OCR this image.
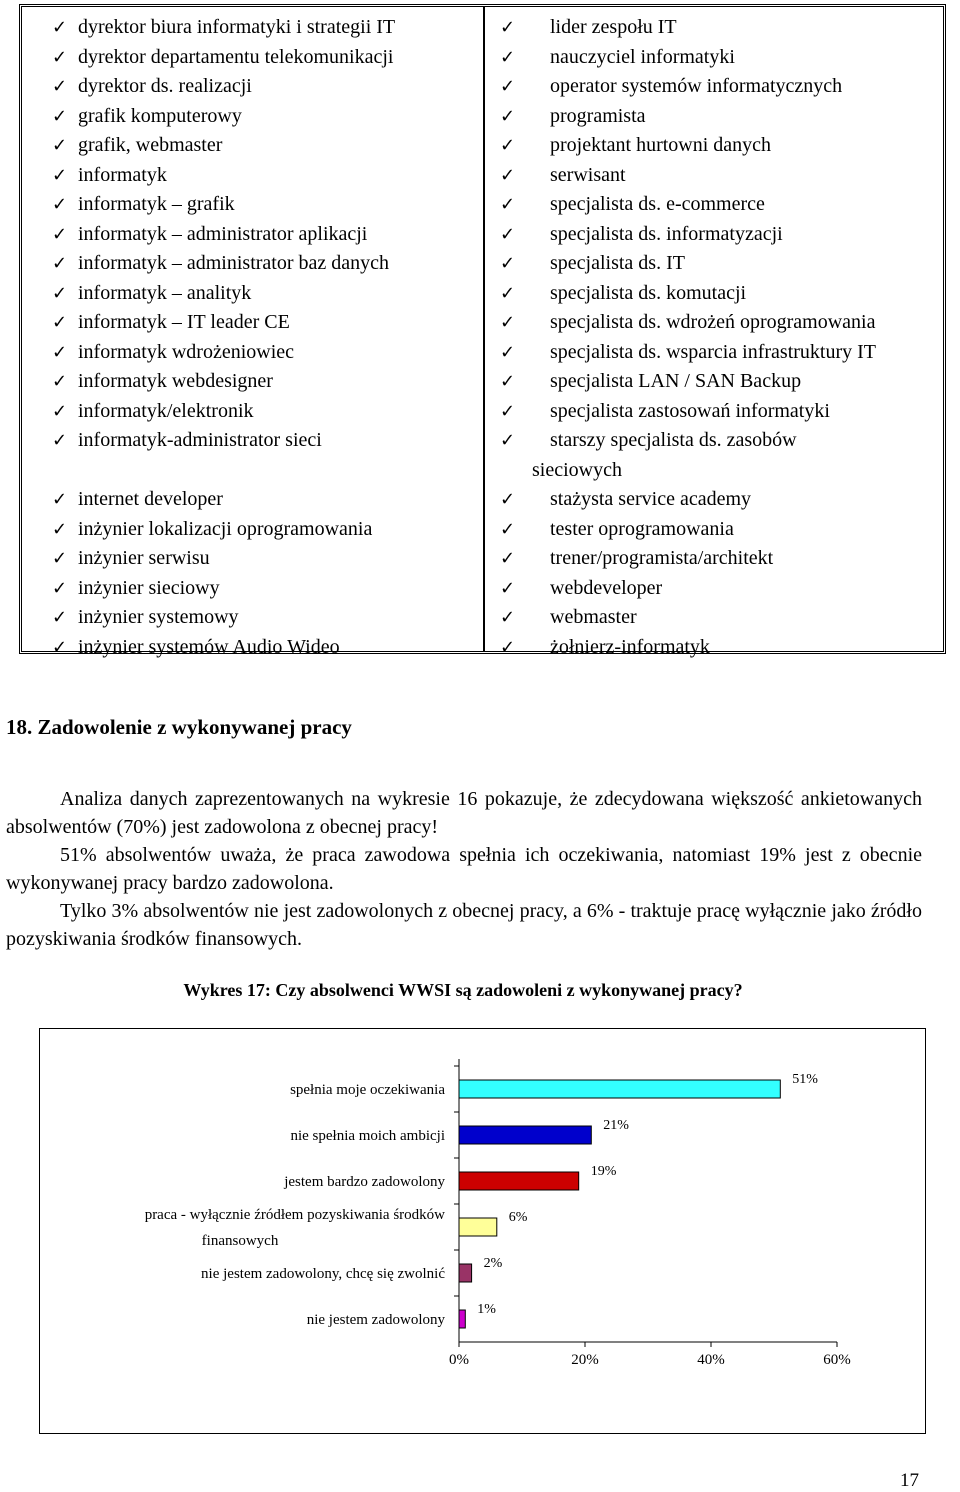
✓ dyrektor biura informatyki i strategii IT
✓ dyrektor departamentu telekomunikacji
✓ dyrektor ds. realizacji
✓ grafik komputerowy
✓ grafik, webmaster
✓ informatyk
✓ informatyk – grafik
✓ informatyk – administrator aplikacji
✓ informatyk – administrator baz danych
✓ informatyk – analityk
✓ informatyk – IT leader CE
✓ informatyk wdrożeniowiec
✓ informatyk webdesigner
✓ informatyk/elektronik
✓ informatyk-administrator sieci
✓ internet developer
✓ inżynier lokalizacji oprogramowania
✓ inżynier serwisu
✓ inżynier sieciowy
✓ inżynier systemowy
✓ inżynier systemów Audio Wideo
✓ lider zespołu IT
✓ nauczyciel informatyki
✓ operator systemów informatycznych
✓ programista
✓ projektant hurtowni danych
✓ serwisant
✓ specjalista ds. e-commerce
✓ specjalista ds. informatyzacji
✓ specjalista ds. IT
✓ specjalista ds. komutacji
✓ specjalista ds. wdrożeń oprogramowania
✓ specjalista ds. wsparcia infrastruktury IT
✓ specjalista LAN / SAN Backup
✓ specjalista zastosowań informatyki
✓ starszy specjalista ds. zasobów
sieciowych
✓ stażysta service academy
✓ tester oprogramowania
✓ trener/programista/architekt
✓ webdeveloper
✓ webmaster
✓ żołnierz-informatyk
18. Zadowolenie z wykonywanej pracy
Analiza danych zaprezentowanych na wykresie 16 pokazuje, że zdecydowana większość ankietowanych absolwentów (70%) jest zadowolona z obecnej pracy!
51% absolwentów uważa, że praca zawodowa spełnia ich oczekiwania, natomiast 19% jest z obecnie wykonywanej pracy bardzo zadowolona.
Tylko 3% absolwentów nie jest zadowolonych z obecnej pracy, a 6% - traktuje pracę wyłącznie jako źródło pozyskiwania środków finansowych.
Wykres 17: Czy absolwenci WWSI są zadowoleni z wykonywanej pracy?
0%	20%	40%	60%
51%
spełnia moje oczekiwania
21%
nie spełnia moich ambicji
19%
jestem bardzo zadowolony
6%
praca - wyłącznie źródłem pozyskiwania środków
finansowych
2%
nie jestem zadowolony, chcę się zwolnić
1%
nie jestem zadowolony
17
